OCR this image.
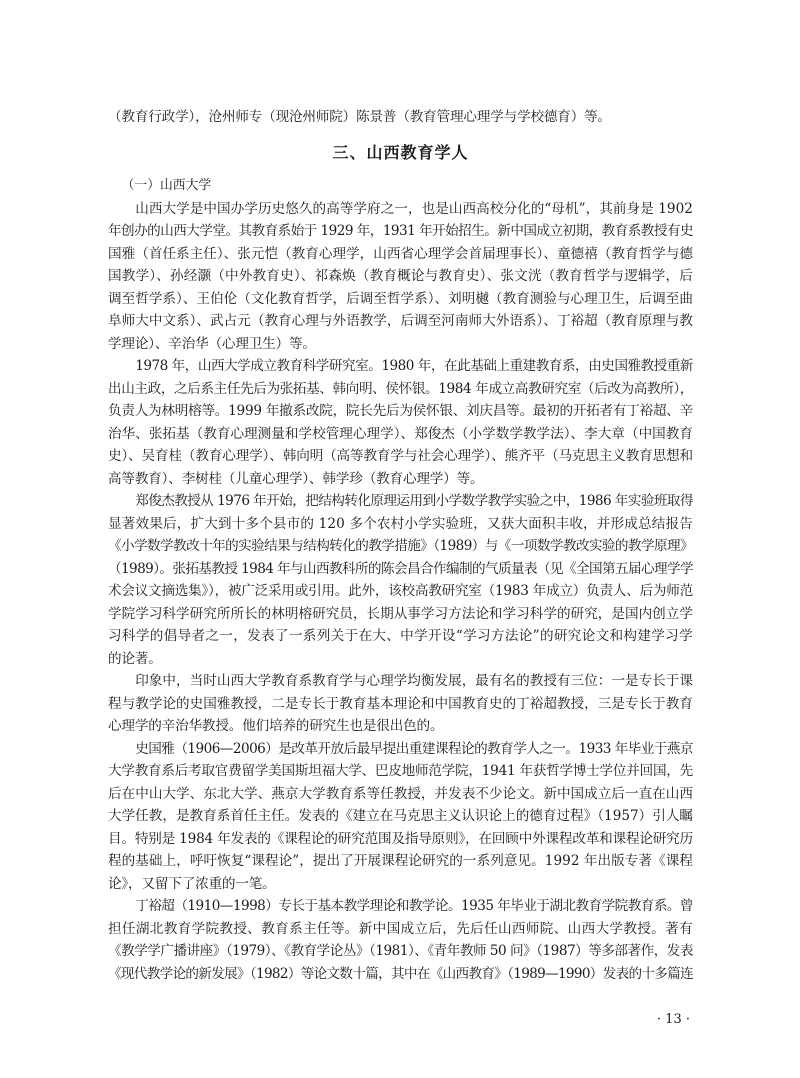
（教育行政学），沧州师专（现沧州师院）陈景普（教育管理心理学与学校德育）等。
三、山西教育学人
（一）山西大学
山西大学是中国办学历史悠久的高等学府之一，也是山西高校分化的“母机”，其前身是 1902
年创办的山西大学堂。其教育系始于 1929 年，1931 年开始招生。新中国成立初期，教育系教授有史
国雅（首任系主任）、张元恺（教育心理学，山西省心理学会首届理事长）、童德禧（教育哲学与德
国教学）、孙经灏（中外教育史）、祁森焕（教育概论与教育史）、张文洸（教育哲学与逻辑学，后
调至哲学系）、王伯伦（文化教育哲学，后调至哲学系）、刘明樾（教育测验与心理卫生，后调至曲
阜师大中文系）、武占元（教育心理与外语教学，后调至河南师大外语系）、丁裕超（教育原理与教
学理论）、辛治华（心理卫生）等。
1978 年，山西大学成立教育科学研究室。1980 年，在此基础上重建教育系，由史国雅教授重新
出山主政，之后系主任先后为张拓基、韩向明、侯怀银。1984 年成立高教研究室（后改为高教所），
负责人为林明榕等。1999 年撤系改院，院长先后为侯怀银、刘庆昌等。最初的开拓者有丁裕超、辛
治华、张拓基（教育心理测量和学校管理心理学）、郑俊杰（小学数学教学法）、李大章（中国教育
史）、吴育桂（教育心理学）、韩向明（高等教育学与社会心理学）、熊齐平（马克思主义教育思想和
高等教育）、李树桂（儿童心理学）、韩学珍（教育心理学）等。
郑俊杰教授从 1976 年开始，把结构转化原理运用到小学数学教学实验之中，1986 年实验班取得
显著效果后，扩大到十多个县市的 120 多个农村小学实验班，又获大面积丰收，并形成总结报告
《小学数学教改十年的实验结果与结构转化的教学措施》（1989）与《一项数学教改实验的教学原理》
（1989）。张拓基教授 1984 年与山西教科所的陈会昌合作编制的气质量表（见《全国第五届心理学学
术会议文摘选集》），被广泛采用或引用。此外，该校高教研究室（1983 年成立）负责人、后为师范
学院学习科学研究所所长的林明榕研究员，长期从事学习方法论和学习科学的研究，是国内创立学
习科学的倡导者之一，发表了一系列关于在大、中学开设“学习方法论”的研究论文和构建学习学
的论著。
印象中，当时山西大学教育系教育学与心理学均衡发展，最有名的教授有三位：一是专长于课
程与教学论的史国雅教授，二是专长于教育基本理论和中国教育史的丁裕超教授，三是专长于教育
心理学的辛治华教授。他们培养的研究生也是很出色的。
史国雅（1906—2006）是改革开放后最早提出重建课程论的教育学人之一。1933 年毕业于燕京
大学教育系后考取官费留学美国斯坦福大学、巴皮地师范学院，1941 年获哲学博士学位并回国，先
后在中山大学、东北大学、燕京大学教育系等任教授，并发表不少论文。新中国成立后一直在山西
大学任教，是教育系首任主任。发表的《建立在马克思主义认识论上的德育过程》（1957）引人瞩
目。特别是 1984 年发表的《课程论的研究范围及指导原则》，在回顾中外课程改革和课程论研究历
程的基础上，呼吁恢复“课程论”，提出了开展课程论研究的一系列意见。1992 年出版专著《课程
论》，又留下了浓重的一笔。
丁裕超（1910—1998）专长于基本教学理论和教学论。1935 年毕业于湖北教育学院教育系。曾
担任湖北教育学院教授、教育系主任等。新中国成立后，先后任山西师院、山西大学教授。著有
《教学学广播讲座》（1979）、《教育学论丛》（1981）、《青年教师 50 问》（1987）等多部著作，发表
《现代教学论的新发展》（1982）等论文数十篇，其中在《山西教育》（1989—1990）发表的十多篇连
· 13 ·
